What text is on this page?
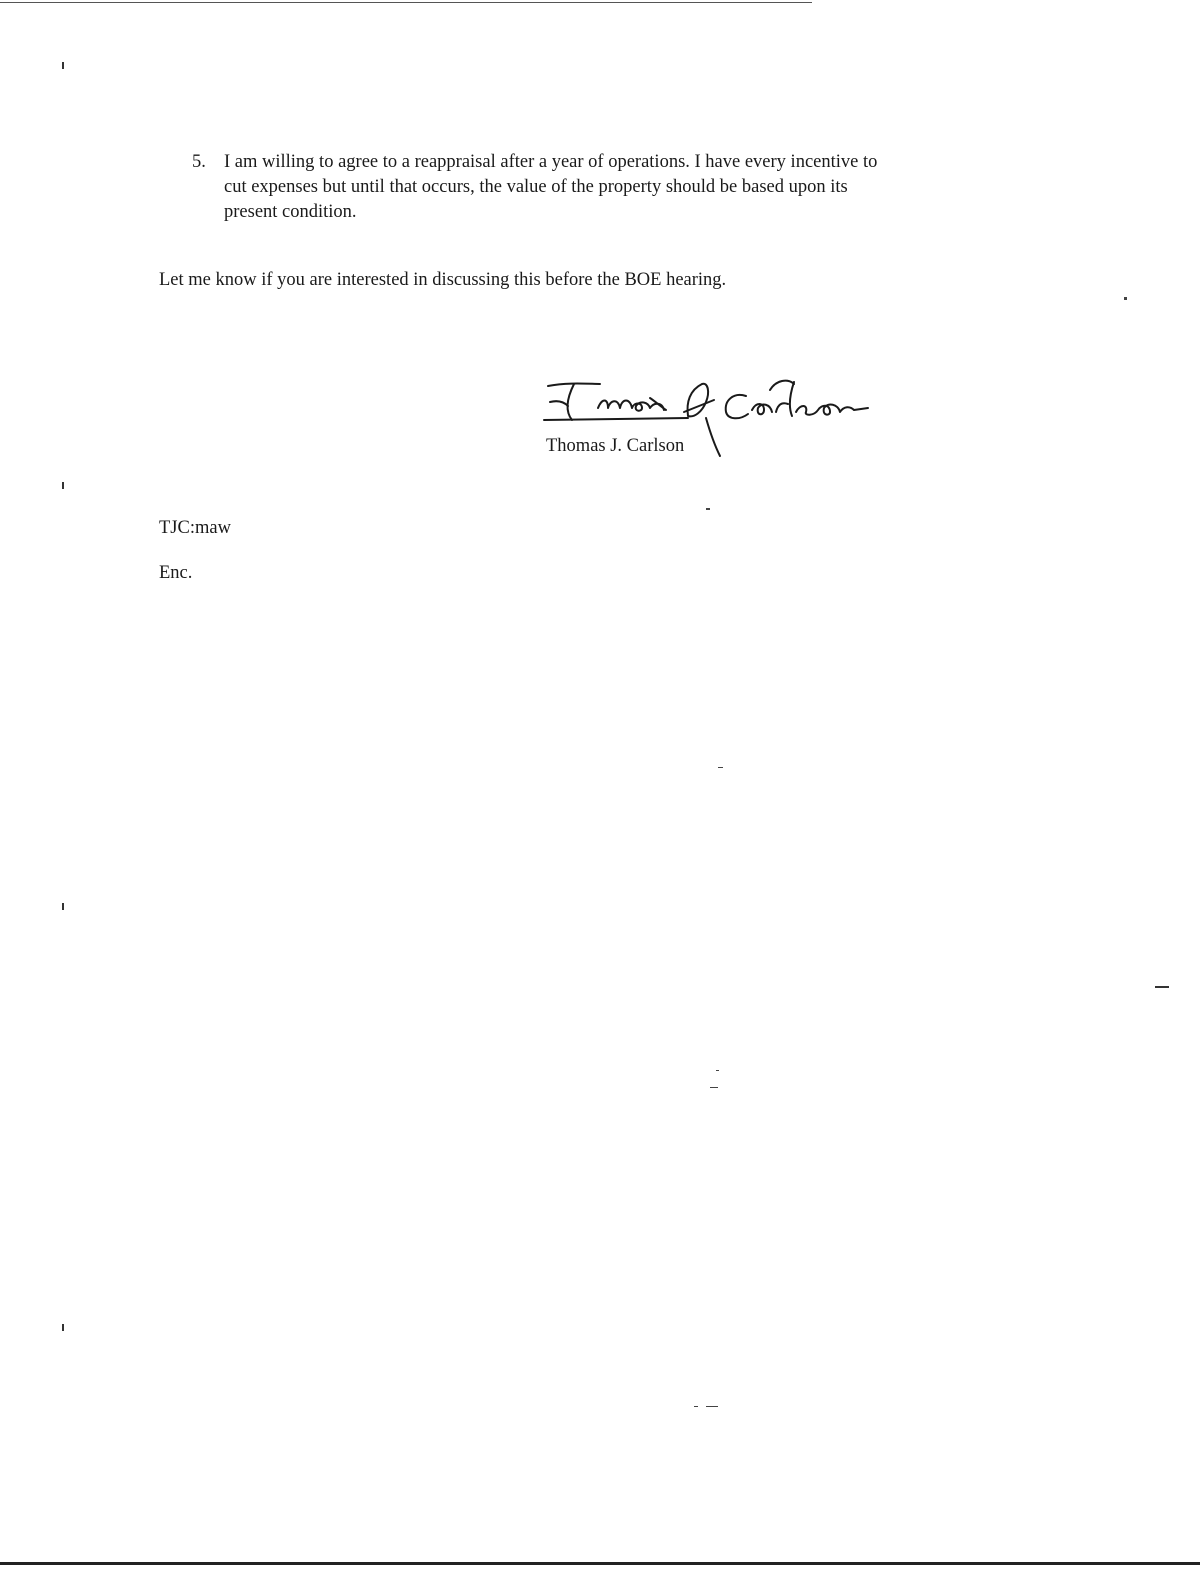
5. I am willing to agree to a reappraisal after a year of operations. I have every incentive to
cut expenses but until that occurs, the value of the property should be based upon its
present condition.
Let me know if you are interested in discussing this before the BOE hearing.
Thomas J. Carlson
TJC:maw
Enc.
